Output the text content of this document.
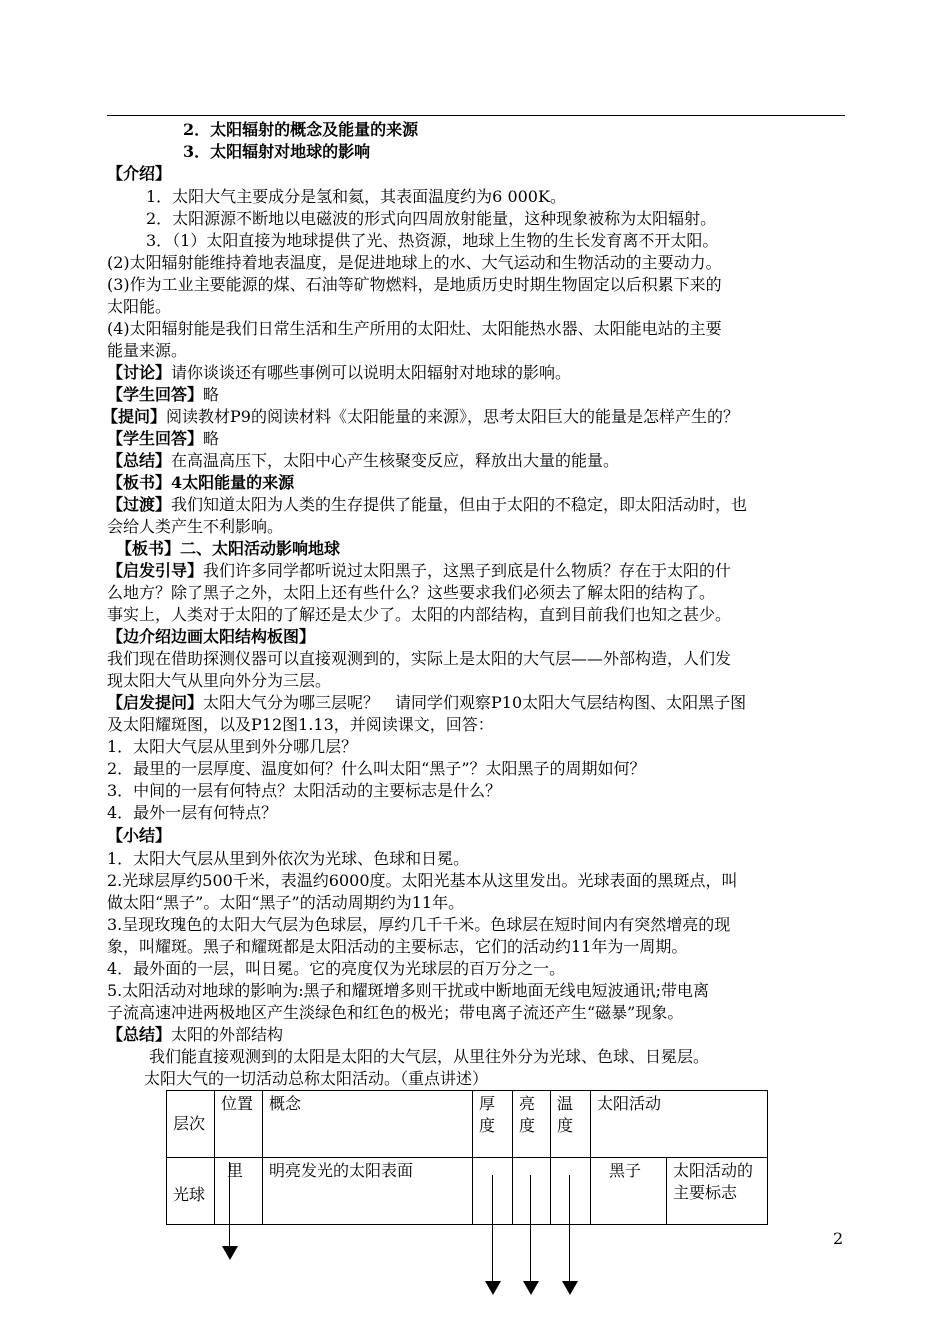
2．太阳辐射的概念及能量的来源
3．太阳辐射对地球的影响
【介绍】
1．太阳大气主要成分是氢和氦，其表面温度约为6 000K。
2．太阳源源不断地以电磁波的形式向四周放射能量，这种现象被称为太阳辐射。
3．（1）太阳直接为地球提供了光、热资源，地球上生物的生长发育离不开太阳。
(2)太阳辐射能维持着地表温度，是促进地球上的水、大气运动和生物活动的主要动力。
(3)作为工业主要能源的煤、石油等矿物燃料，是地质历史时期生物固定以后积累下来的
太阳能。
(4)太阳辐射能是我们日常生活和生产所用的太阳灶、太阳能热水器、太阳能电站的主要
能量来源。
【讨论】请你谈谈还有哪些事例可以说明太阳辐射对地球的影响。
【学生回答】略
【提问】阅读教材P9的阅读材料《太阳能量的来源》，思考太阳巨大的能量是怎样产生的？
【学生回答】略
【总结】在高温高压下，太阳中心产生核聚变反应，释放出大量的能量。
【板书】4太阳能量的来源
【过渡】我们知道太阳为人类的生存提供了能量，但由于太阳的不稳定，即太阳活动时，也
会给人类产生不利影响。
【板书】二、太阳活动影响地球
【启发引导】我们许多同学都听说过太阳黑子，这黑子到底是什么物质？存在于太阳的什
么地方？除了黑子之外，太阳上还有些什么？这些要求我们必须去了解太阳的结构了。
事实上，人类对于太阳的了解还是太少了。太阳的内部结构，直到目前我们也知之甚少。
【边介绍边画太阳结构板图】
我们现在借助探测仪器可以直接观测到的，实际上是太阳的大气层——外部构造，人们发
现太阳大气从里向外分为三层。
【启发提问】太阳大气分为哪三层呢？　请同学们观察P10太阳大气层结构图、太阳黑子图
及太阳耀斑图，以及P12图1.13，并阅读课文，回答：
1．太阳大气层从里到外分哪几层？
2．最里的一层厚度、温度如何？什么叫太阳“黑子”？太阳黑子的周期如何？
3．中间的一层有何特点？太阳活动的主要标志是什么？
4．最外一层有何特点？
【小结】
1．太阳大气层从里到外依次为光球、色球和日冕。
2.光球层厚约500千米，表温约6000度。太阳光基本从这里发出。光球表面的黑斑点，叫
做太阳“黑子”。太阳“黑子”的活动周期约为11年。
3.呈现玫瑰色的太阳大气层为色球层，厚约几千千米。色球层在短时间内有突然增亮的现
象，叫耀斑。黑子和耀斑都是太阳活动的主要标志，它们的活动约11年为一周期。
4．最外面的一层，叫日冕。它的亮度仅为光球层的百万分之一。
5.太阳活动对地球的影响为:黑子和耀斑增多则干扰或中断地面无线电短波通讯;带电离
子流高速冲进两极地区产生淡绿色和红色的极光；带电离子流还产生“磁暴”现象。
【总结】太阳的外部结构
我们能直接观测到的太阳是太阳的大气层，从里往外分为光球、色球、日冕层。
太阳大气的一切活动总称太阳活动。（重点讲述）
层次	位置	概念	厚度	亮度	温度	太阳活动	
光球	里	明亮发光的太阳表面				黑子	太阳活动的主要标志
2
